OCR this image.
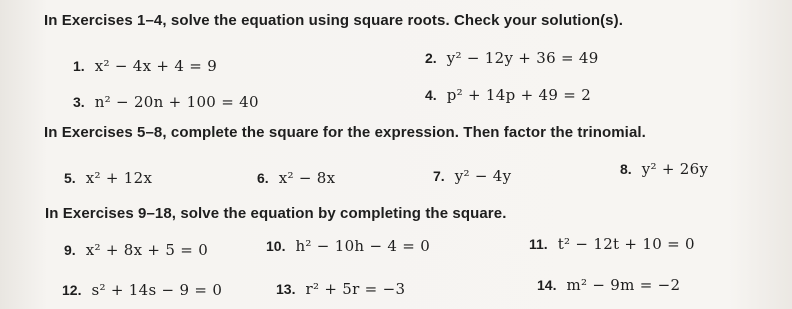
In Exercises 1–4, solve the equation using square roots. Check your solution(s).
1. x² − 4x + 4 = 9	2. y² − 12y + 36 = 49
3. n² − 20n + 100 = 40	4. p² + 14p + 49 = 2
In Exercises 5–8, complete the square for the expression. Then factor the trinomial.
5. x² + 12x	6. x² − 8x	7. y² − 4y	8. y² + 26y
In Exercises 9–18, solve the equation by completing the square.
9. x² + 8x + 5 = 0	10. h² − 10h − 4 = 0	11. t² − 12t + 10 = 0
12. s² + 14s − 9 = 0	13. r² + 5r = −3	14. m² − 9m = −2
